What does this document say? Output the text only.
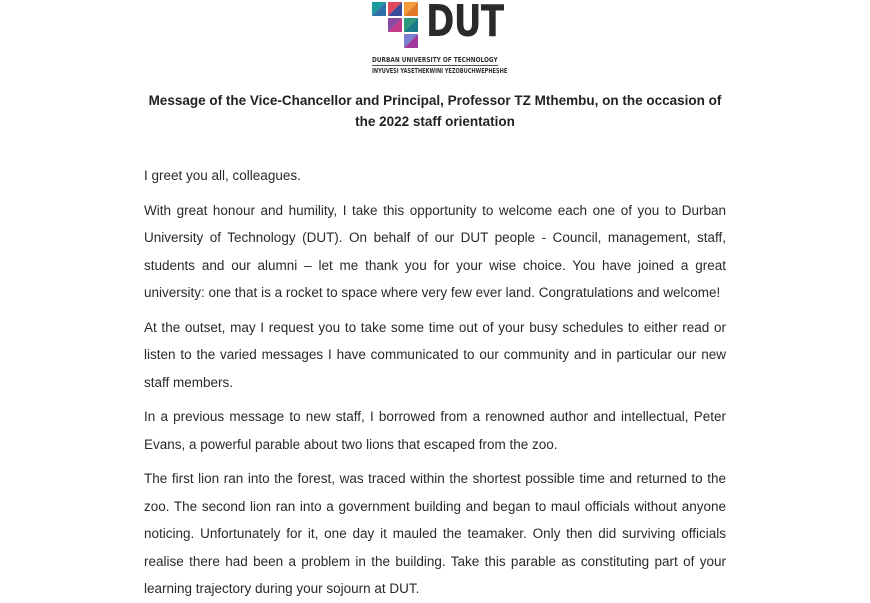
DUT
DURBAN UNIVERSITY OF TECHNOLOGY
INYUVESI YASETHEKWINI YEZOBUCHWEPHESHE
Message of the Vice-Chancellor and Principal, Professor TZ Mthembu, on the occasion of the 2022 staff orientation

I greet you all, colleagues.

With great honour and humility, I take this opportunity to welcome each one of you to Durban University of Technology (DUT). On behalf of our DUT people - Council, management, staff, students and our alumni – let me thank you for your wise choice. You have joined a great university: one that is a rocket to space where very few ever land. Congratulations and welcome!

At the outset, may I request you to take some time out of your busy schedules to either read or listen to the varied messages I have communicated to our community and in particular our new staff members.

In a previous message to new staff, I borrowed from a renowned author and intellectual, Peter Evans, a powerful parable about two lions that escaped from the zoo.

The first lion ran into the forest, was traced within the shortest possible time and returned to the zoo. The second lion ran into a government building and began to maul officials without anyone noticing. Unfortunately for it, one day it mauled the teamaker. Only then did surviving officials realise there had been a problem in the building. Take this parable as constituting part of your learning trajectory during your sojourn at DUT.
